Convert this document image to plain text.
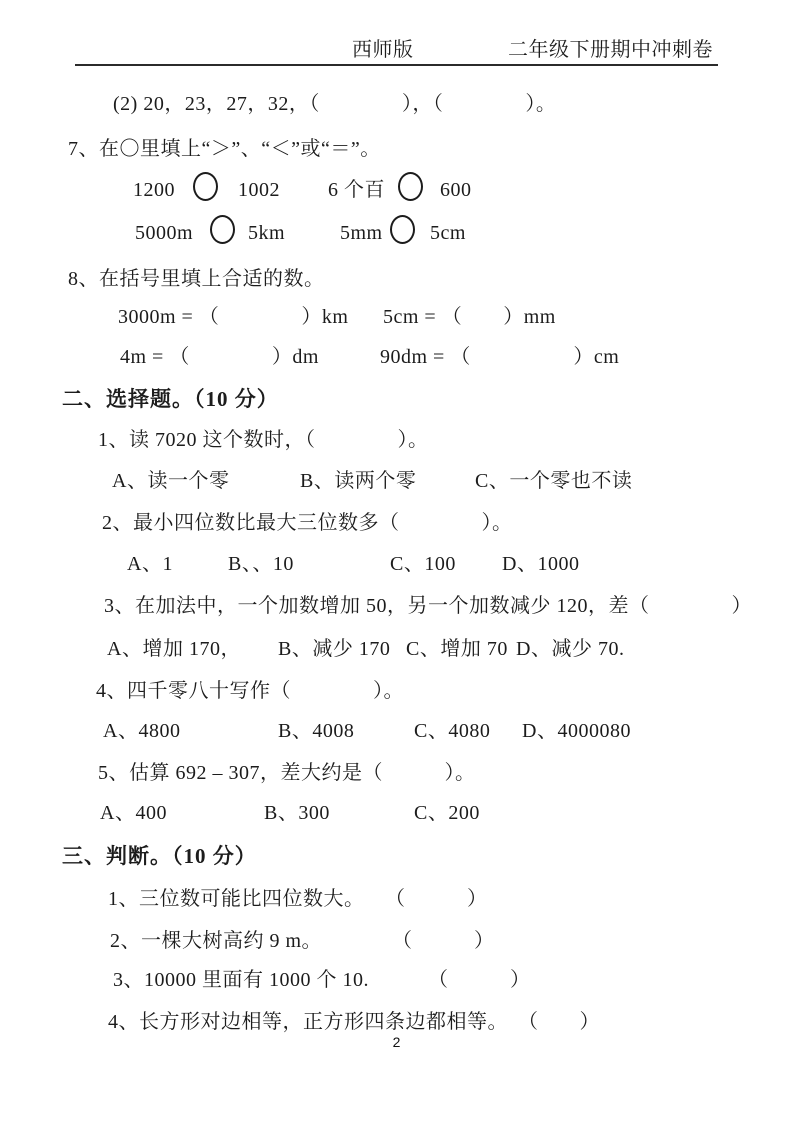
西师版	二年级下册期中冲刺卷
(2) 20，23，27，32，（　　　　），（　　　　）。
7、在〇里填上“＞”、“＜”或“＝”。
1200	1002 6 个百	600
5000m	5km	5mm 5cm
8、在括号里填上合适的数。
3000m = （　　　　）km 5cm = （　　）mm
4m = （　　　　）dm	90dm = （　　　　　）cm
二、选择题。（10 分）
1、读 7020 这个数时，（　　　　）。
A、读一个零	B、读两个零	C、一个零也不读
2、最小四位数比最大三位数多（　　　　）。
A、1	B、、10	C、100 D、1000
3、在加法中，一个加数增加 50，另一个加数减少 120，差（　　　　）
A、增加 170， B、减少 170 C、增加 70 D、减少 70.
4、四千零八十写作（　　　　）。
A、4800	B、4008	C、4080 D、4000080
5、估算 692 – 307，差大约是（　　　）。
A、400	B、300	C、200
三、判断。（10 分）
1、三位数可能比四位数大。 （　　　）
2、一棵大树高约 9 m。	（　　　）
3、10000 里面有 1000 个 10.	（　　　）
4、长方形对边相等，正方形四条边都相等。 （　　）
2
